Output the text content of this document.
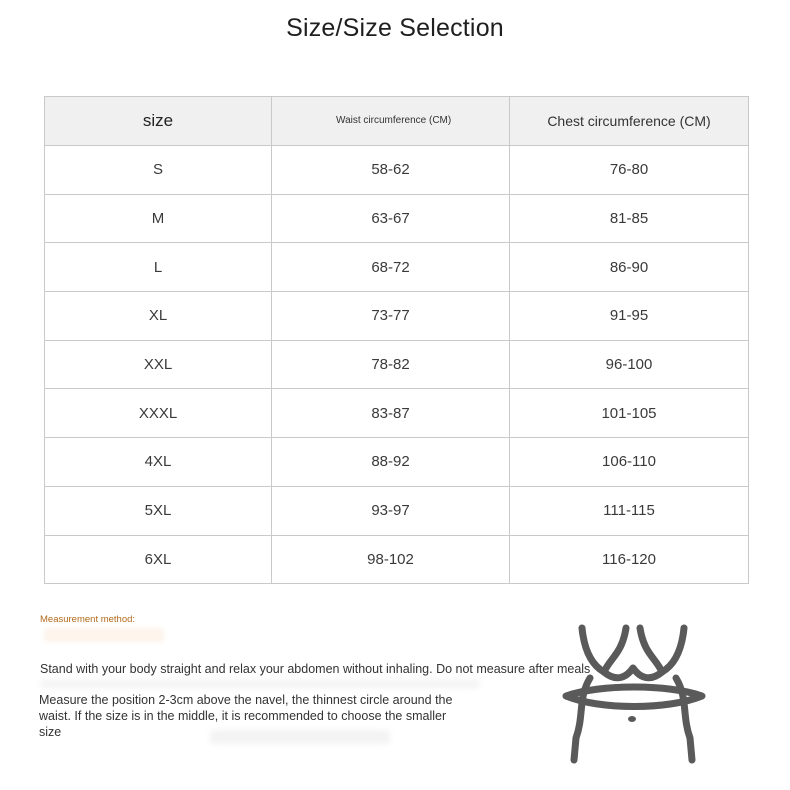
Size/Size Selection
size	Waist circumference (CM)	Chest circumference (CM)
S	58-62	76-80
M	63-67	81-85
L	68-72	86-90
XL	73-77	91-95
XXL	78-82	96-100
XXXL	83-87	101-105
4XL	88-92	106-110
5XL	93-97	111-115
6XL	98-102	116-120
Measurement method:
Stand with your body straight and relax your abdomen without inhaling. Do not measure after meals
Measure the position 2-3cm above the navel, the thinnest circle around the waist. If the size is in the middle, it is recommended to choose the smaller size
